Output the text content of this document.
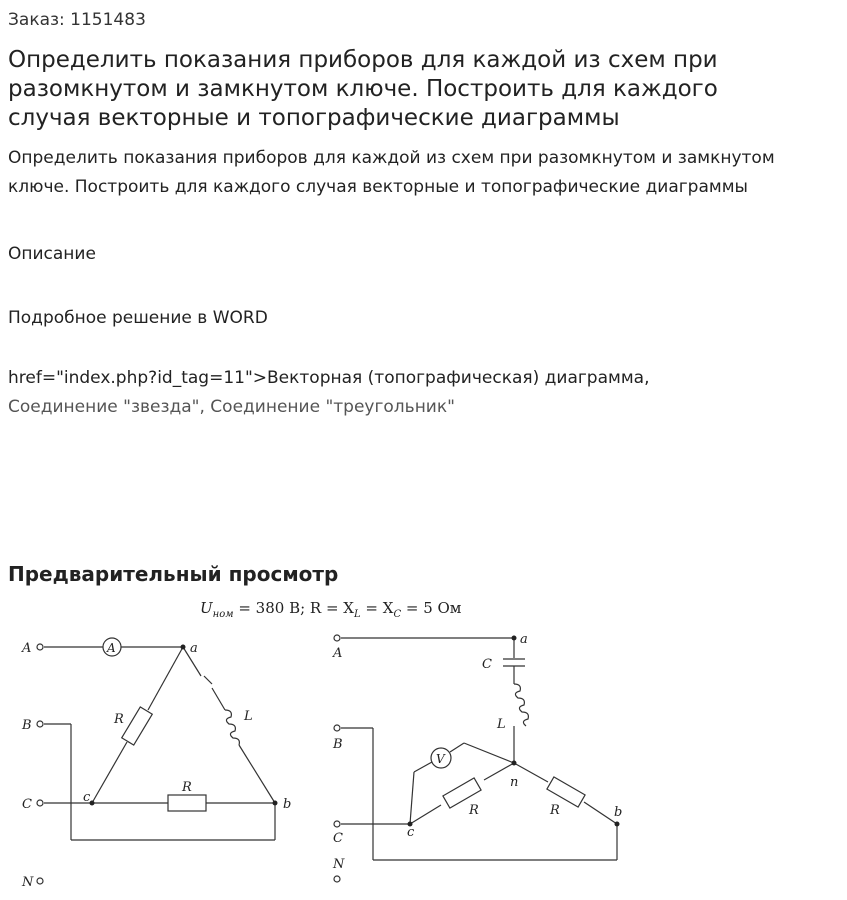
Заказ: 1151483
Определить показания приборов для каждой из схем при разомкнутом и замкнутом ключе. Построить для каждого случая векторные и топографические диаграммы
Определить показания приборов для каждой из схем при разомкнутом и замкнутом ключе. Построить для каждого случая векторные и топографические диаграммы
Описание
Подробное решение в WORD
href="index.php?id_tag=11">Векторная (топографическая) диаграмма,
Соединение "звезда", Соединение "треугольник"
Предварительный просмотр
$U_{ном} = 380$ В; $R = X_L = X_C = 5$ Ом
A
B
C
N
a
b
c
A
R
R
L
A
B
C
N
a
b
c
n
C
L
V
R	R
